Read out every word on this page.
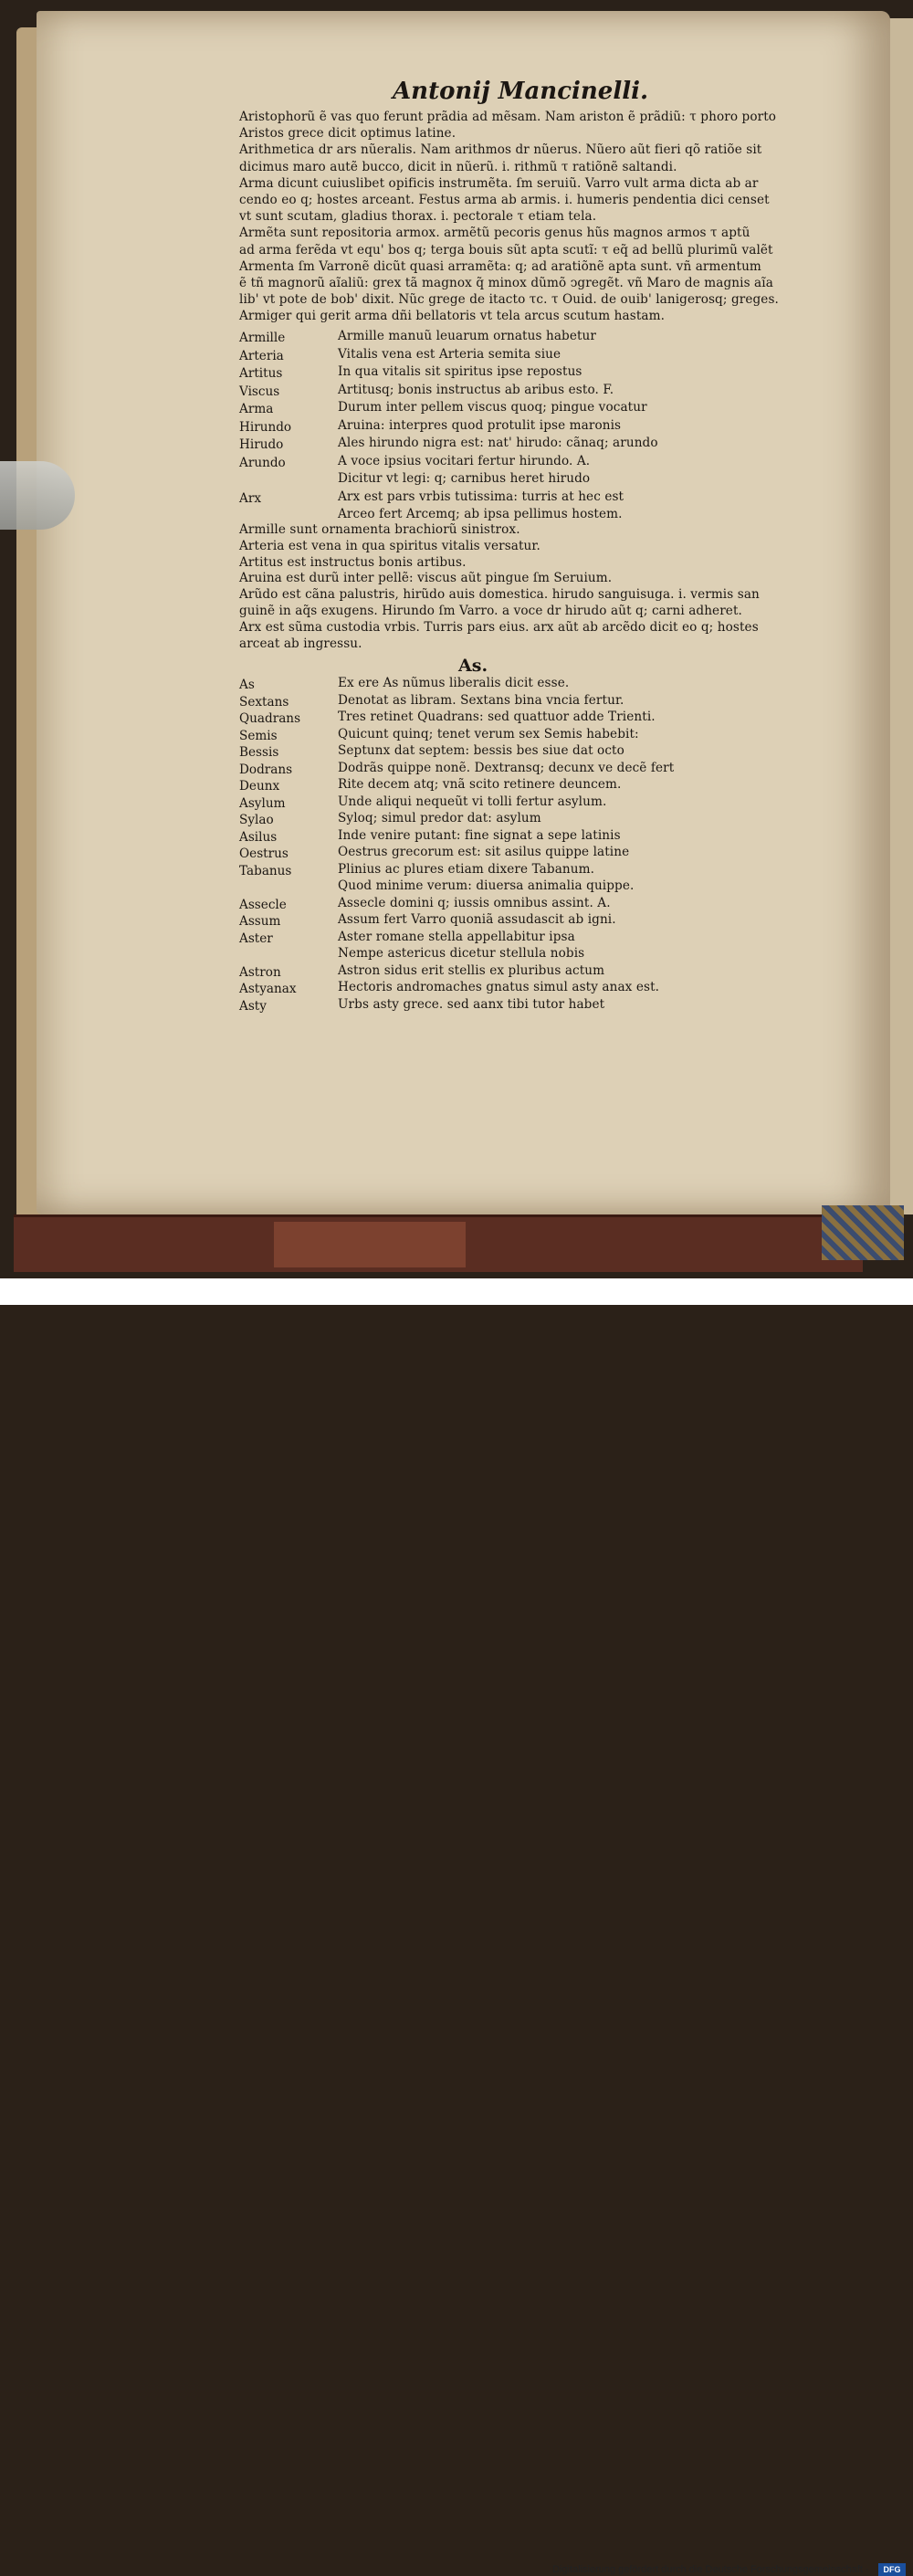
Antonij Mancinelli.
Aristophorũ ẽ vas quo ferunt prãdia ad mẽsam. Nam ariston ẽ prãdiũ: τ phoro porto
Aristos grece dicit optimus latine.
Arithmetica dr ars nũeralis. Nam arithmos dr nũerus. Nũero aũt fieri qõ ratiõe sit
dicimus maro autẽ bucco, dicit in nũerũ. i. rithmũ τ ratiõnẽ saltandi.
Arma dicunt cuiuslibet opificis instrumẽta. ſm seruiũ. Varro vult arma dicta ab ar
cendo eo q; hostes arceant. Festus arma ab armis. i. humeris pendentia dici censet
vt sunt scutam, gladius thorax. i. pectorale τ etiam tela.
Armẽta sunt repositoria armox. armẽtũ pecoris genus hũs magnos armos τ aptũ
ad arma ferẽda vt equ' bos q; terga bouis sũt apta scutĩ: τ eq̃ ad bellũ plurimũ valẽt
Armenta ſm Varronẽ dicũt quasi arramẽta: q; ad aratiõnẽ apta sunt. vñ armentum
ẽ tñ magnorũ aĩaliũ: grex tã magnox q̃ minox dũmõ ↄgregẽt. vñ Maro de magnis aĩa
lib' vt pote de bob' dixit. Nũc grege de itacto τc. τ Ouid. de ouib' lanigerosq; greges.
Armiger qui gerit arma dñi bellatoris vt tela arcus scutum hastam.
Armille	Armille manuũ leuarum ornatus habetur
Arteria	Vitalis vena est Arteria semita siue
Artitus	In qua vitalis sit spiritus ipse repostus
Viscus	Artitusq; bonis instructus ab aribus esto. F.
Arma	Durum inter pellem viscus quoq; pingue vocatur
Hirundo	Aruina: interpres quod protulit ipse maronis
Hirudo	Ales hirundo nigra est: nat' hirudo: cãnaq; arundo
Arundo	A voce ipsius vocitari fertur hirundo. A.
Dicitur vt legi: q; carnibus heret hirudo
Arx	Arx est pars vrbis tutissima: turris at hec est
Arceo fert Arcemq; ab ipsa pellimus hostem.
Armille sunt ornamenta brachiorũ sinistrox.
Arteria est vena in qua spiritus vitalis versatur.
Artitus est instructus bonis artibus.
Aruina est durũ inter pellẽ: viscus aũt pingue ſm Seruium.
Arũdo est cãna palustris, hirũdo auis domestica. hirudo sanguisuga. i. vermis san
guinẽ in aq̃s exugens. Hirundo ſm Varro. a voce dr hirudo aũt q; carni adheret.
Arx est sũma custodia vrbis. Turris pars eius. arx aũt ab arcẽdo dicit eo q; hostes
arceat ab ingressu.
As.
As	Ex ere As nũmus liberalis dicit esse.
Sextans	Denotat as libram. Sextans bina vncia fertur.
Quadrans	Tres retinet Quadrans: sed quattuor adde Trienti.
Semis	Quicunt quinq; tenet verum sex Semis habebit:
Bessis	Septunx dat septem: bessis bes siue dat octo
Dodrans	Dodrãs quippe nonẽ. Dextransq; decunx ve decẽ fert
Deunx	Rite decem atq; vnã scito retinere deuncem.
Asylum	Unde aliqui nequeũt vi tolli fertur asylum.
Sylao	Syloq; simul predor dat: asylum
Asilus	Inde venire putant: fine signat a sepe latinis
Oestrus	Oestrus grecorum est: sit asilus quippe latine
Tabanus	Plinius ac plures etiam dixere Tabanum.
Quod minime verum: diuersa animalia quippe.
Assecle	Assecle domini q; iussis omnibus assint. A.
Assum	Assum fert Varro quoniã assudascit ab igni.
Aster	Aster romane stella appellabitur ipsa
Nempe astericus dicetur stellula nobis
Astron	Astron sidus erit stellis ex pluribus actum
Astyanax	Hectoris andromaches gnatus simul asty anax est.
Asty	Urbs asty grece. sed aanx tibi tutor habet
Digitalisierung gefördert durch die Deutsche Forschungsgemeinschaft ·	DFG
